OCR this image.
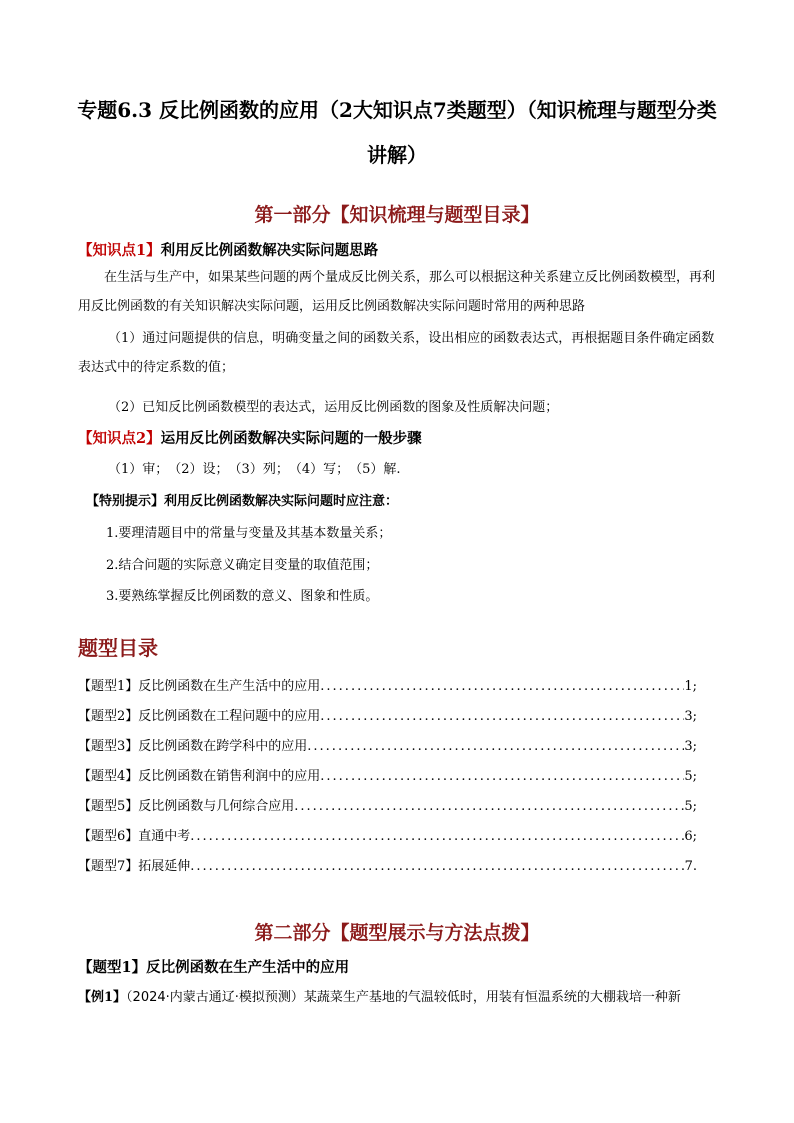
专题6.3 反比例函数的应用（2大知识点7类题型）（知识梳理与题型分类讲解）
第一部分【知识梳理与题型目录】
【知识点1】利用反比例函数解决实际问题思路
在生活与生产中，如果某些问题的两个量成反比例关系，那么可以根据这种关系建立反比例函数模型，再利用反比例函数的有关知识解决实际问题，运用反比例函数解决实际问题时常用的两种思路
（1）通过问题提供的信息，明确变量之间的函数关系，设出相应的函数表达式，再根据题目条件确定函数表达式中的待定系数的值；
（2）已知反比例函数模型的表达式，运用反比例函数的图象及性质解决问题；
【知识点2】运用反比例函数解决实际问题的一般步骤
（1）审；　（2）设；　（3）列；　（4）写；　（5）解.
【特别提示】利用反比例函数解决实际问题时应注意：
1.要理清题目中的常量与变量及其基本数量关系；
2.结合问题的实际意义确定目变量的取值范围；
3.要熟练掌握反比例函数的意义、图象和性质。
题型目录
【题型1】反比例函数在生产生活中的应用 .....	1;
【题型2】反比例函数在工程问题中的应用 .....	3;
【题型3】反比例函数在跨学科中的应用 .....	3;
【题型4】反比例函数在销售利润中的应用 .....	5;
【题型5】反比例函数与几何综合应用 .....	5;
【题型6】直通中考 .....	6;
【题型7】拓展延伸 .....	7.
第二部分【题型展示与方法点拨】
【题型1】反比例函数在生产生活中的应用
【例1】（2024·内蒙古通辽·模拟预测）某蔬菜生产基地的气温较低时，用装有恒温系统的大棚栽培一种新
